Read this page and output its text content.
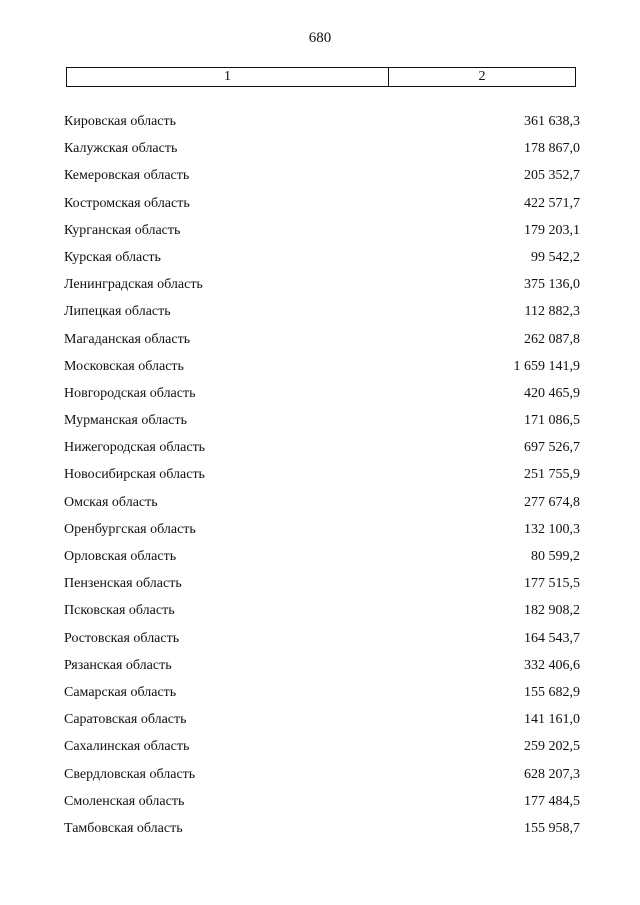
680
1	2
Кировская область	361 638,3
Калужская область	178 867,0
Кемеровская область	205 352,7
Костромская область	422 571,7
Курганская область	179 203,1
Курская область	99 542,2
Ленинградская область	375 136,0
Липецкая область	112 882,3
Магаданская область	262 087,8
Московская область	1 659 141,9
Новгородская область	420 465,9
Мурманская область	171 086,5
Нижегородская область	697 526,7
Новосибирская область	251 755,9
Омская область	277 674,8
Оренбургская область	132 100,3
Орловская область	80 599,2
Пензенская область	177 515,5
Псковская область	182 908,2
Ростовская область	164 543,7
Рязанская область	332 406,6
Самарская область	155 682,9
Саратовская область	141 161,0
Сахалинская область	259 202,5
Свердловская область	628 207,3
Смоленская область	177 484,5
Тамбовская область	155 958,7
